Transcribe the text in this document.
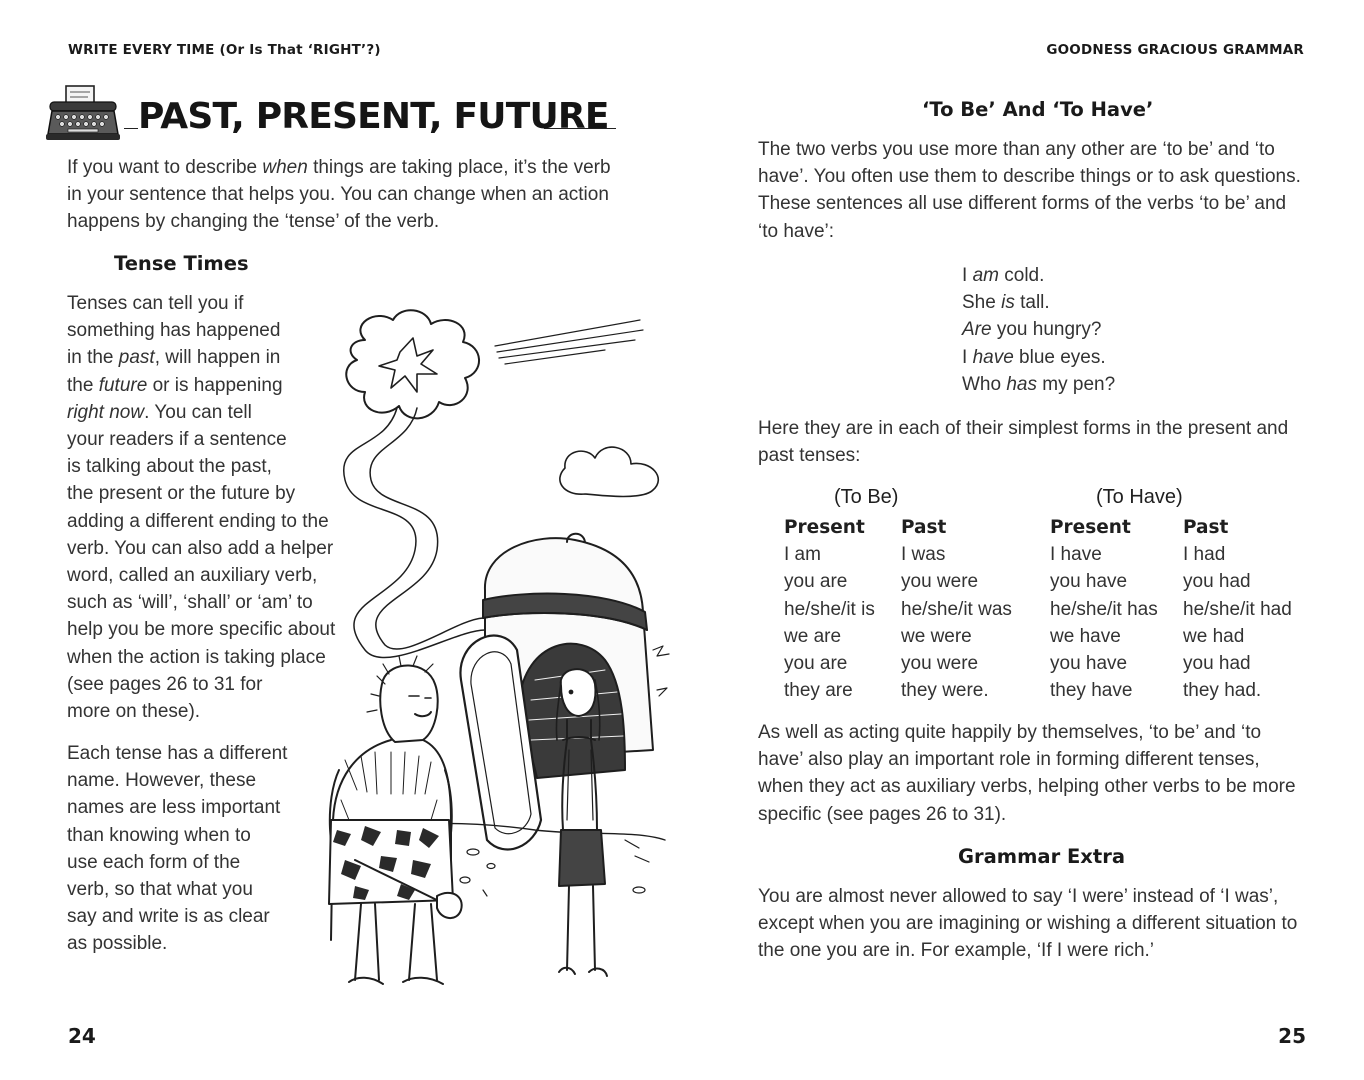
WRITE EVERY TIME (Or Is That ‘RIGHT’?)
PAST, PRESENT, FUTURE

If you want to describe when things are taking place, it’s the verb in your sentence that helps you. You can change when an action happens by changing the ‘tense’ of the verb.

Tense Times
Tenses can tell you if
something has happened
in the past, will happen in
the future or is happening
right now. You can tell
your readers if a sentence
is talking about the past,
the present or the future by
adding a different ending to the
verb. You can also add a helper
word, called an auxiliary verb,
such as ‘will’, ‘shall’ or ‘am’ to
help you be more specific about
when the action is taking place
(see pages 26 to 31 for
more on these).
Each tense has a different
name. However, these
names are less important
than knowing when to
use each form of the
verb, so that what you
say and write is as clear
as possible.
24
GOODNESS GRACIOUS GRAMMAR
25
‘To Be’ And ‘To Have’

The two verbs you use more than any other are ‘to be’ and ‘to have’. You often use them to describe things or to ask questions. These sentences all use different forms of the verbs ‘to be’ and ‘to have’:

I am cold.
She is tall.
Are you hungry?
I have blue eyes.
Who has my pen?

Here they are in each of their simplest forms in the present and past tenses:

(To Be)	(To Have)
Present
I am
you are
he/she/it is
we are
you are
they are
Past
I was
you were
he/she/it was
we were
you were
they were.
Present
I have
you have
he/she/it has
we have
you have
they have
Past
I had
you had
he/she/it had
we had
you had
they had.

As well as acting quite happily by themselves, ‘to be’ and ‘to have’ also play an important role in forming different tenses, when they act as auxiliary verbs, helping other verbs to be more specific (see pages 26 to 31).

Grammar Extra

You are almost never allowed to say ‘I were’ instead of ‘I was’, except when you are imagining or wishing a different situation to the one you are in. For example, ‘If I were rich.’
